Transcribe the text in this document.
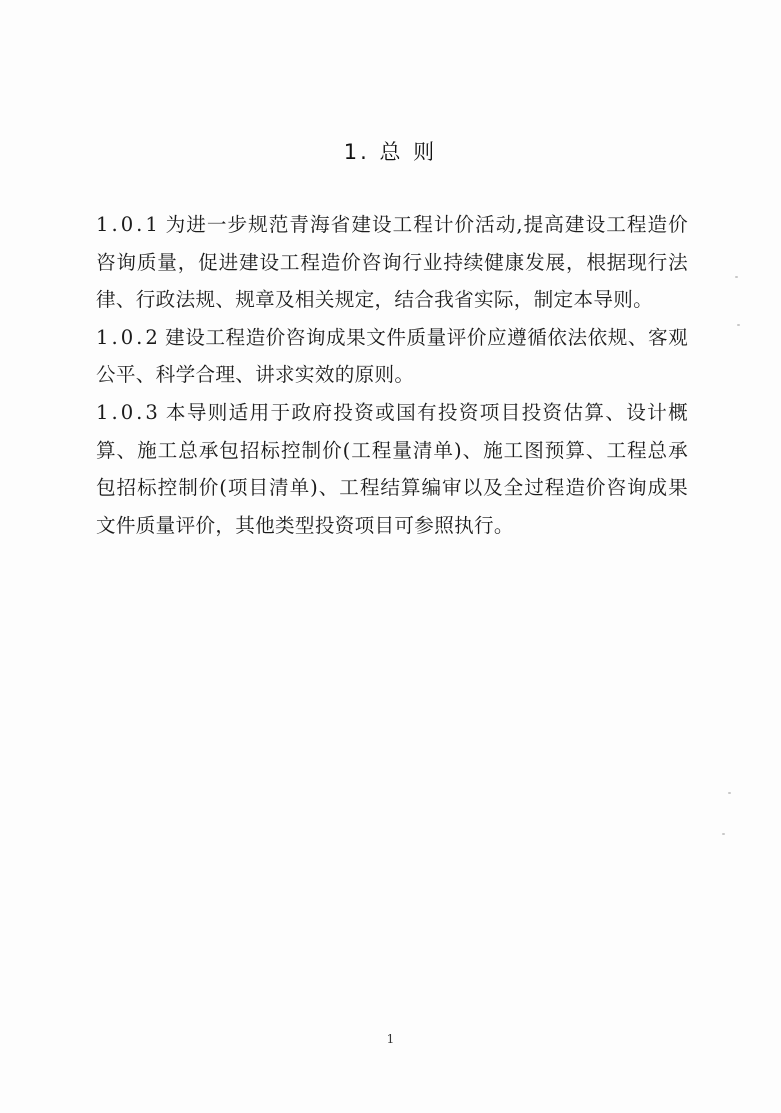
1. 总 则

1.0.1 为进一步规范青海省建设工程计价活动,提高建设工程造价咨询质量，促进建设工程造价咨询行业持续健康发展，根据现行法律、行政法规、规章及相关规定，结合我省实际，制定本导则。

1.0.2 建设工程造价咨询成果文件质量评价应遵循依法依规、客观公平、科学合理、讲求实效的原则。

1.0.3 本导则适用于政府投资或国有投资项目投资估算、设计概算、施工总承包招标控制价(工程量清单)、施工图预算、工程总承包招标控制价(项目清单)、工程结算编审以及全过程造价咨询成果文件质量评价，其他类型投资项目可参照执行。

1
